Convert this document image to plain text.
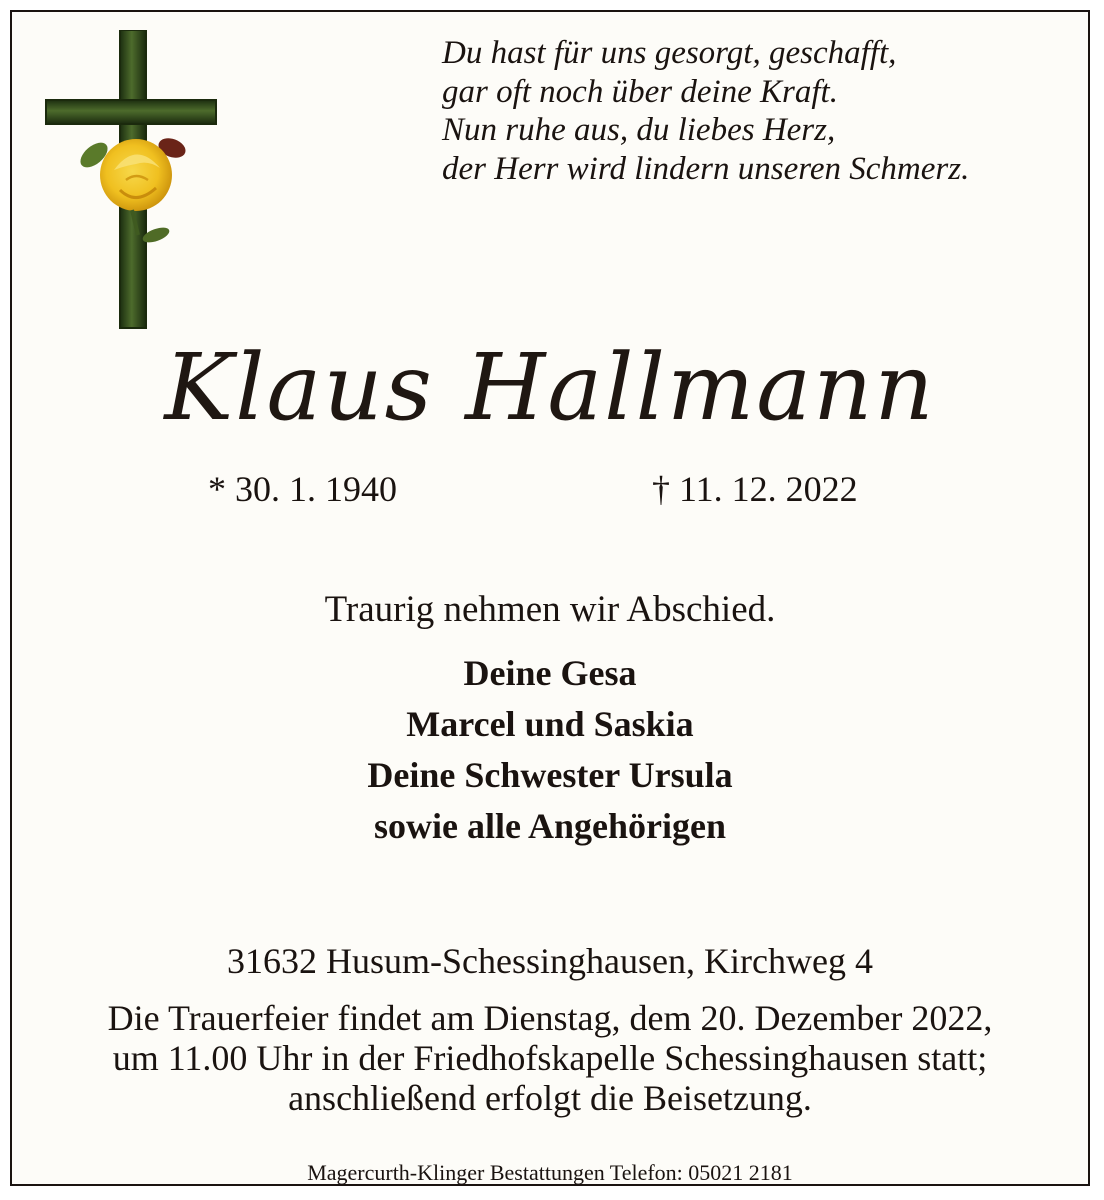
Du hast für uns gesorgt, geschafft,
gar oft noch über deine Kraft.
Nun ruhe aus, du liebes Herz,
der Herr wird lindern unseren Schmerz.
Klaus Hallmann
* 30. 1. 1940	† 11. 12. 2022
Traurig nehmen wir Abschied.
Deine Gesa
Marcel und Saskia
Deine Schwester Ursula
sowie alle Angehörigen
31632 Husum-Schessinghausen, Kirchweg 4
Die Trauerfeier findet am Dienstag, dem 20. Dezember 2022,
um 11.00 Uhr in der Friedhofskapelle Schessinghausen statt;
anschließend erfolgt die Beisetzung.
Magercurth-Klinger Bestattungen Telefon: 05021 2181
